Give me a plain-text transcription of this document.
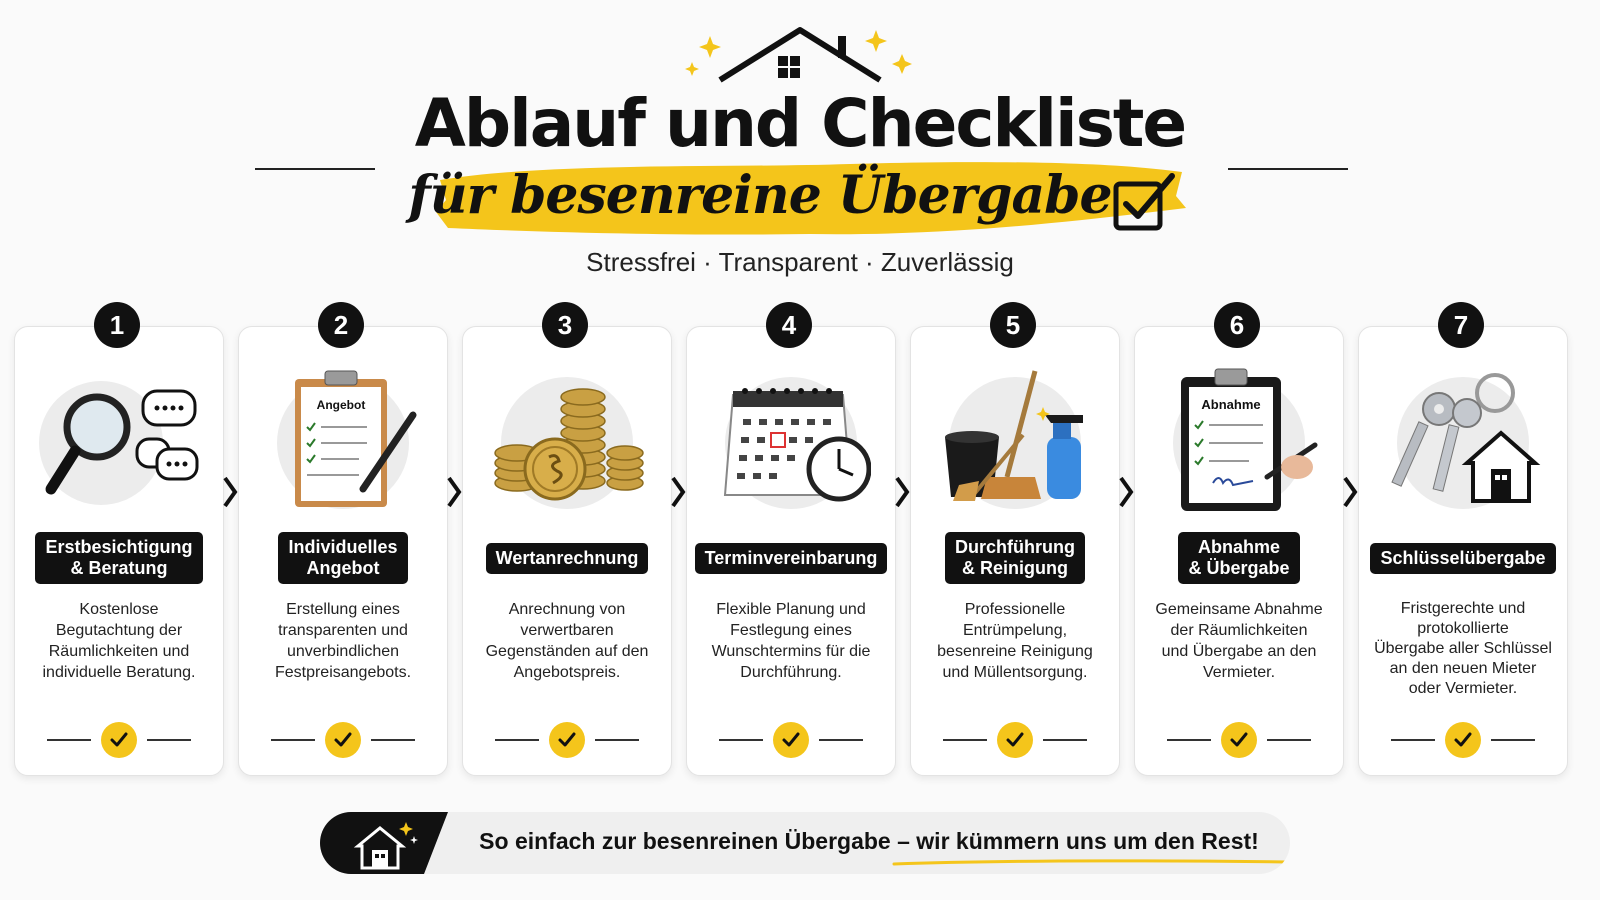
Ablauf und Checkliste
für besenreine Übergabe
Stressfrei · Transparent · Zuverlässig
Erstbesichtigung
& Beratung
Kostenlose
Begutachtung der
Räumlichkeiten und
individuelle Beratung.
1
Angebot
Individuelles
Angebot
Erstellung eines
transparenten und
unverbindlichen
Festpreisangebots.
2
Wertanrechnung
Anrechnung von
verwertbaren
Gegenständen auf den
Angebotspreis.
3
Terminvereinbarung
Flexible Planung und
Festlegung eines
Wunschtermins für die
Durchführung.
4
Durchführung
& Reinigung
Professionelle
Entrümpelung,
besenreine Reinigung
und Müllentsorgung.
5
Abnahme
Abnahme
& Übergabe
Gemeinsame Abnahme
der Räumlichkeiten
und Übergabe an den
Vermieter.
6
Schlüsselübergabe
Fristgerechte und
protokollierte
Übergabe aller Schlüssel
an den neuen Mieter
oder Vermieter.
7
So einfach zur besenreinen Übergabe – wir kümmern uns um den Rest!
